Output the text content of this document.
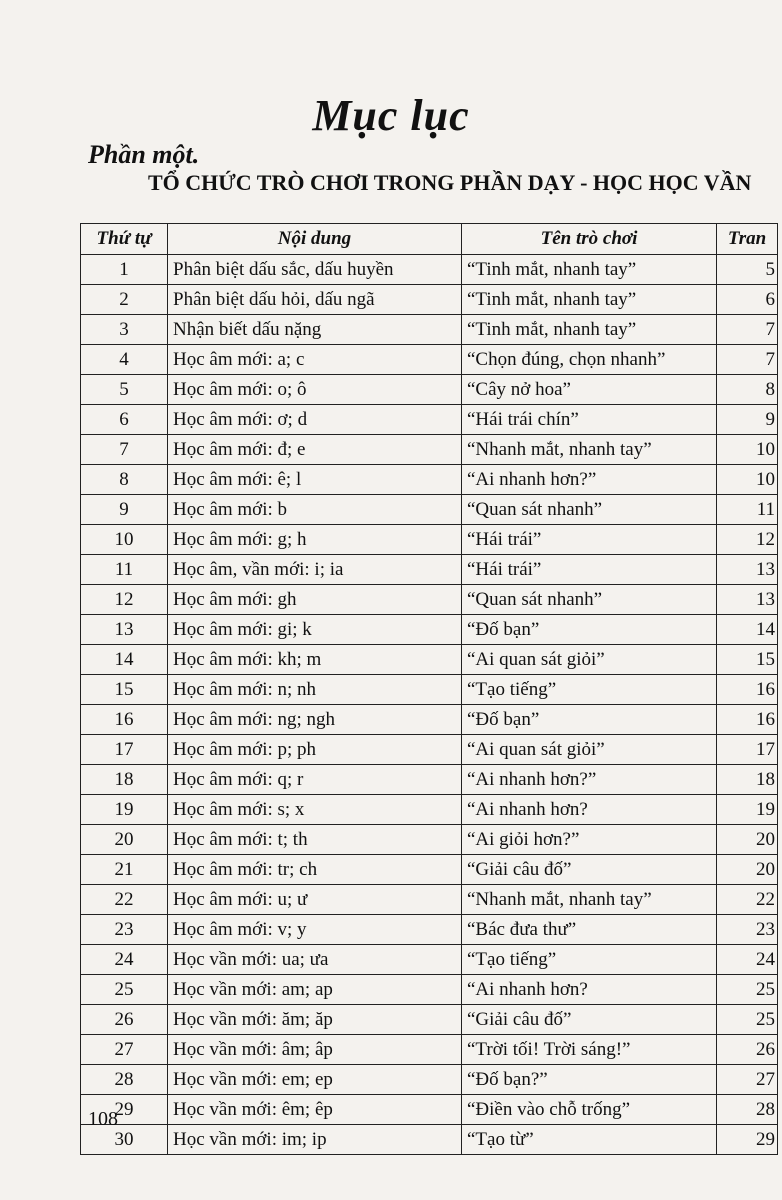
Mục lục
Phần một.
TỔ CHỨC TRÒ CHƠI TRONG PHẦN DẠY - HỌC HỌC VẦN
Thứ tự	Nội dung	Tên trò chơi	Tran
1	Phân biệt dấu sắc, dấu huyền	“Tinh mắt, nhanh tay”	5
2	Phân biệt dấu hỏi, dấu ngã	“Tinh mắt, nhanh tay”	6
3	Nhận biết dấu nặng	“Tinh mắt, nhanh tay”	7
4	Học âm mới: a; c	“Chọn đúng, chọn nhanh”	7
5	Học âm mới: o; ô	“Cây nở hoa”	8
6	Học âm mới: ơ; d	“Hái trái chín”	9
7	Học âm mới: đ; e	“Nhanh mắt, nhanh tay”	10
8	Học âm mới: ê; l	“Ai nhanh hơn?”	10
9	Học âm mới: b	“Quan sát nhanh”	11
10	Học âm mới: g; h	“Hái trái”	12
11	Học âm, vần mới: i; ia	“Hái trái”	13
12	Học âm mới: gh	“Quan sát nhanh”	13
13	Học âm mới: gi; k	“Đố bạn”	14
14	Học âm mới: kh; m	“Ai quan sát giỏi”	15
15	Học âm mới: n; nh	“Tạo tiếng”	16
16	Học âm mới: ng; ngh	“Đố bạn”	16
17	Học âm mới: p; ph	“Ai quan sát giỏi”	17
18	Học âm mới: q; r	“Ai nhanh hơn?”	18
19	Học âm mới: s; x	“Ai nhanh hơn?	19
20	Học âm mới: t; th	“Ai giỏi hơn?”	20
21	Học âm mới: tr; ch	“Giải câu đố”	20
22	Học âm mới: u; ư	“Nhanh mắt, nhanh tay”	22
23	Học âm mới: v; y	“Bác đưa thư”	23
24	Học vần mới: ua; ưa	“Tạo tiếng”	24
25	Học vần mới: am; ap	“Ai nhanh hơn?	25
26	Học vần mới: ăm; ăp	“Giải câu đố”	25
27	Học vần mới: âm; âp	“Trời tối! Trời sáng!”	26
28	Học vần mới: em; ep	“Đố bạn?”	27
29	Học vần mới: êm; êp	“Điền vào chỗ trống”	28
30	Học vần mới: im; ip	“Tạo từ”	29
108
